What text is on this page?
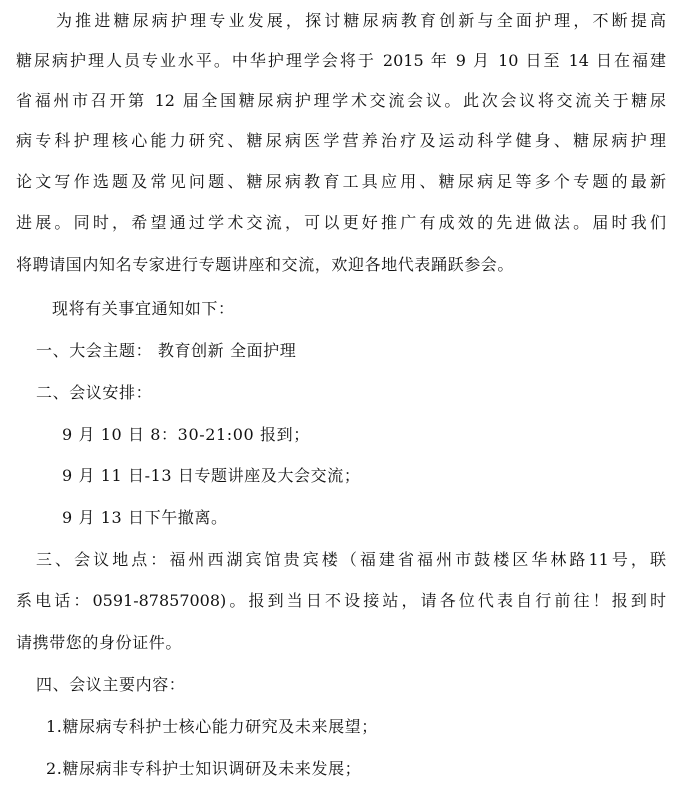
为推进糖尿病护理专业发展，探讨糖尿病教育创新与全面护理，不断提高
糖尿病护理人员专业水平。中华护理学会将于 2015 年 9 月 10 日至 14 日在福建
省福州市召开第 12 届全国糖尿病护理学术交流会议。此次会议将交流关于糖尿
病专科护理核心能力研究、糖尿病医学营养治疗及运动科学健身、糖尿病护理
论文写作选题及常见问题、糖尿病教育工具应用、糖尿病足等多个专题的最新
进展。同时，希望通过学术交流，可以更好推广有成效的先进做法。届时我们
将聘请国内知名专家进行专题讲座和交流，欢迎各地代表踊跃参会。
现将有关事宜通知如下：
一、大会主题： 教育创新 全面护理
二、会议安排：
9 月 10 日 8：30-21:00 报到；
9 月 11 日-13 日专题讲座及大会交流；
9 月 13 日下午撤离。
三、会议地点：福州西湖宾馆贵宾楼（福建省福州市鼓楼区华林路11号，联
系电话：0591-87857008)。报到当日不设接站，请各位代表自行前往！报到时
请携带您的身份证件。
四、会议主要内容：
1.糖尿病专科护士核心能力研究及未来展望；
2.糖尿病非专科护士知识调研及未来发展；
